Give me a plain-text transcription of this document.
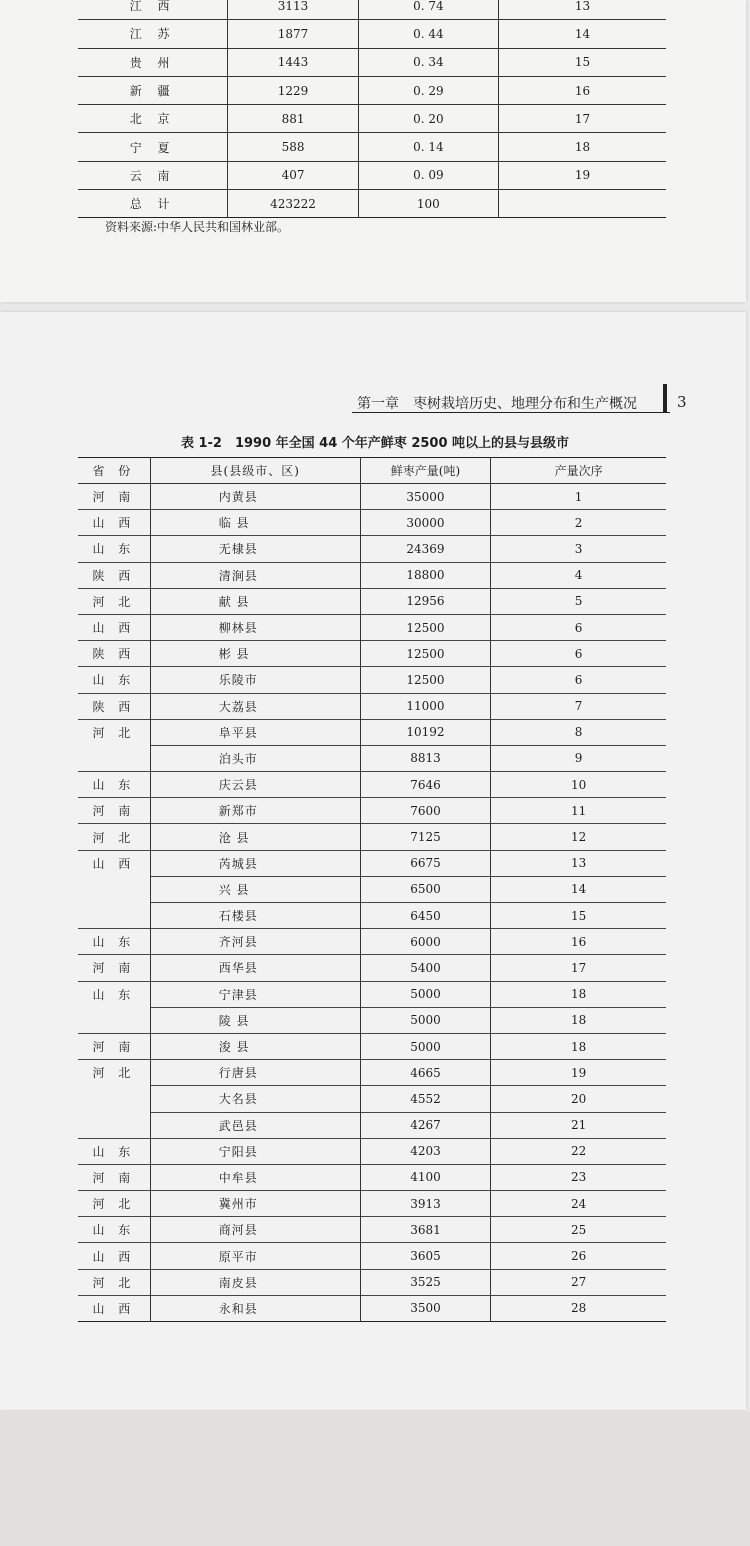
江 西	3113	0. 74	13
江 苏	1877	0. 44	14
贵 州	1443	0. 34	15
新 疆	1229	0. 29	16
北 京	881	0. 20	17
宁 夏	588	0. 14	18
云 南	407	0. 09	19
总 计	423222	100	
资料来源:中华人民共和国林业部。
第一章　枣树栽培历史、地理分布和生产概况	3
表 1-2　1990 年全国 44 个年产鲜枣 2500 吨以上的县与县级市
省 份	县(县级市、区)	鲜枣产量(吨)	产量次序
河 南	内黄县	35000	1
山 西	临 县	30000	2
山 东	无棣县	24369	3
陕 西	清涧县	18800	4
河 北	献 县	12956	5
山 西	柳林县	12500	6
陕 西	彬 县	12500	6
山 东	乐陵市	12500	6
陕 西	大荔县	11000	7
河 北	阜平县	10192	8
	泊头市	8813	9
山 东	庆云县	7646	10
河 南	新郑市	7600	11
河 北	沧 县	7125	12
山 西	芮城县	6675	13
	兴 县	6500	14
	石楼县	6450	15
山 东	齐河县	6000	16
河 南	西华县	5400	17
山 东	宁津县	5000	18
	陵 县	5000	18
河 南	浚 县	5000	18
河 北	行唐县	4665	19
	大名县	4552	20
	武邑县	4267	21
山 东	宁阳县	4203	22
河 南	中牟县	4100	23
河 北	冀州市	3913	24
山 东	商河县	3681	25
山 西	原平市	3605	26
河 北	南皮县	3525	27
山 西	永和县	3500	28
